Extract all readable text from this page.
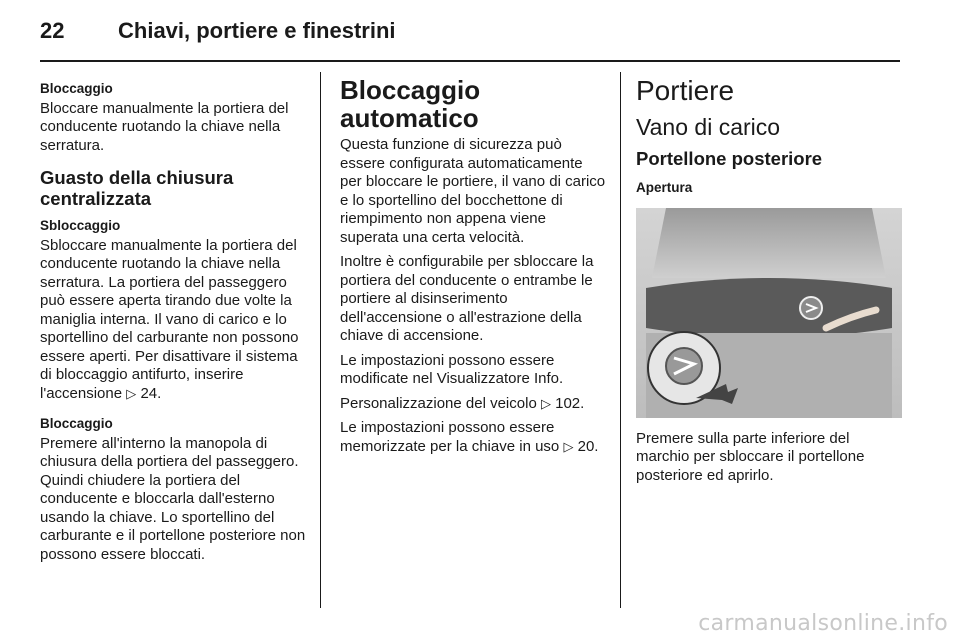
22 Chiavi, portiere e finestrini
Bloccaggio

Bloccare manualmente la portiera del conducente ruotando la chiave nella serratura.

Guasto della chiusura centralizzata
Sbloccaggio

Sbloccare manualmente la portiera del conducente ruotando la chiave nella serratura. La portiera del passeggero può essere aperta tirando due volte la maniglia interna. Il vano di carico e lo sportellino del carburante non possono essere aperti. Per disattivare il sistema di bloccaggio antifurto, inserire l'accensione ▷ 24.

Bloccaggio

Premere all'interno la manopola di chiusura della portiera del passeggero. Quindi chiudere la portiera del conducente e bloccarla dall'esterno usando la chiave. Lo sportellino del carburante e il portellone posteriore non possono essere bloccati.

Bloccaggio automatico

Questa funzione di sicurezza può essere configurata automaticamente per bloccare le portiere, il vano di carico e lo sportellino del bocchettone di riempimento non appena viene superata una certa velocità.

Inoltre è configurabile per sbloccare la portiera del conducente o entrambe le portiere al disinserimento dell'accensione o all'estrazione della chiave di accensione.

Le impostazioni possono essere modificate nel Visualizzatore Info.

Personalizzazione del veicolo ▷ 102.

Le impostazioni possono essere memorizzate per la chiave in uso ▷ 20.

Portiere
Vano di carico
Portellone posteriore
Apertura

Premere sulla parte inferiore del marchio per sbloccare il portellone posteriore ed aprirlo.

carmanualsonline.info
